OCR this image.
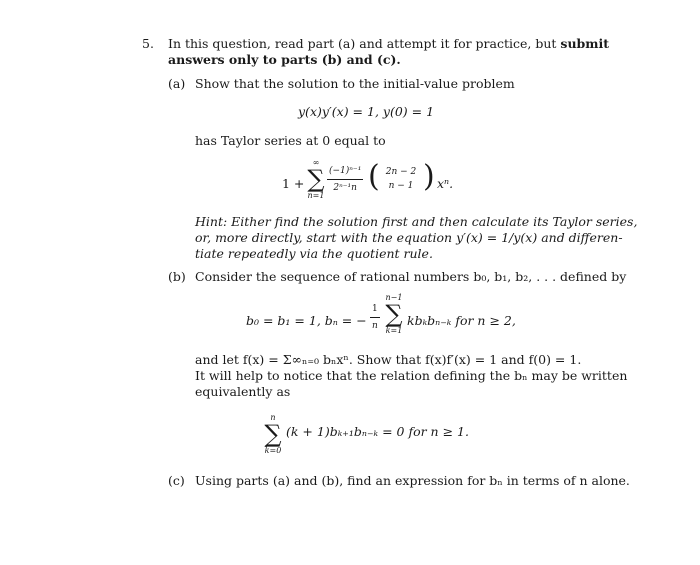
5. In this question, read part (a) and attempt it for practice, but submit
answers only to parts (b) and (c).
(a) Show that the solution to the initial-value problem
y(x)y′(x) = 1, y(0) = 1
has Taylor series at 0 equal to
1 +
∞
∑
$n=1 \frac{\text{(−1)ⁿ⁻¹}}{\text{2ⁿ⁻¹n}}$ ( 2n − 2
n − 1 ) xⁿ.
Hint: Either find the solution first and then calculate its Taylor series,
or, more directly, start with the equation y′(x) = 1/y(x) and differen-
tiate repeatedly via the quotient rule.
(b) Consider the sequence of rational numbers b₀, b₁, b₂, . . . defined by
b₀ = b₁ = 1, bₙ = − $\frac{1}{n}$
n−1
∑
k=1
kbₖbₙ₋ₖ for n ≥ 2,
and let f(x) = Σ∞ₙ₌₀ bₙxⁿ. Show that f(x)f′(x) = 1 and f(0) = 1.
It will help to notice that the relation defining the bₙ may be written
equivalently as
n
∑
k=0
(k + 1)bₖ₊₁bₙ₋ₖ = 0 for n ≥ 1.
(c) Using parts (a) and (b), find an expression for bₙ in terms of n alone.
